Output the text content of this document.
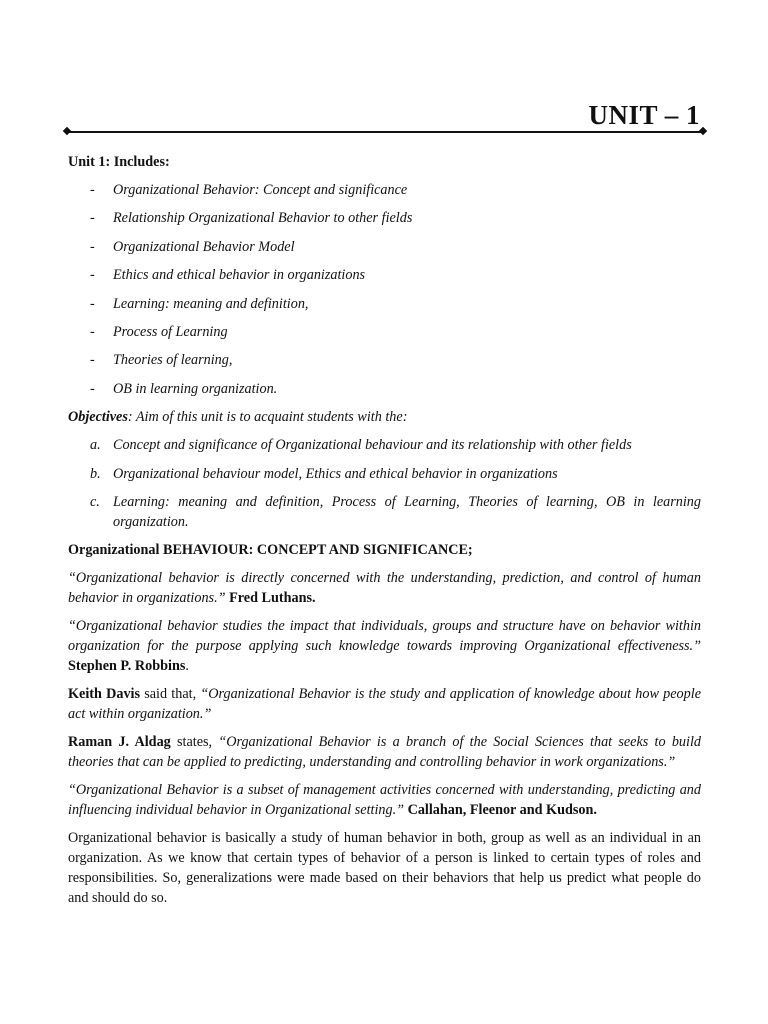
UNIT – 1
Unit 1: Includes:
- Organizational Behavior: Concept and significance
- Relationship Organizational Behavior to other fields
- Organizational Behavior Model
- Ethics and ethical behavior in organizations
- Learning: meaning and definition,
- Process of Learning
- Theories of learning,
- OB in learning organization.
Objectives: Aim of this unit is to acquaint students with the:
a. Concept and significance of Organizational behaviour and its relationship with other fields
b. Organizational behaviour model, Ethics and ethical behavior in organizations
c. Learning: meaning and definition, Process of Learning, Theories of learning, OB in learning organization.
Organizational BEHAVIOUR: CONCEPT AND SIGNIFICANCE;

“Organizational behavior is directly concerned with the understanding, prediction, and control of human behavior in organizations.” Fred Luthans.

“Organizational behavior studies the impact that individuals, groups and structure have on behavior within organization for the purpose applying such knowledge towards improving Organizational effectiveness.” Stephen P. Robbins.

Keith Davis said that, “Organizational Behavior is the study and application of knowledge about how people act within organization.”

Raman J. Aldag states, “Organizational Behavior is a branch of the Social Sciences that seeks to build theories that can be applied to predicting, understanding and controlling behavior in work organizations.”

“Organizational Behavior is a subset of management activities concerned with understanding, predicting and influencing individual behavior in Organizational setting.” Callahan, Fleenor and Kudson.

Organizational behavior is basically a study of human behavior in both, group as well as an individual in an organization. As we know that certain types of behavior of a person is linked to certain types of roles and responsibilities. So, generalizations were made based on their behaviors that help us predict what people do and should do so.
